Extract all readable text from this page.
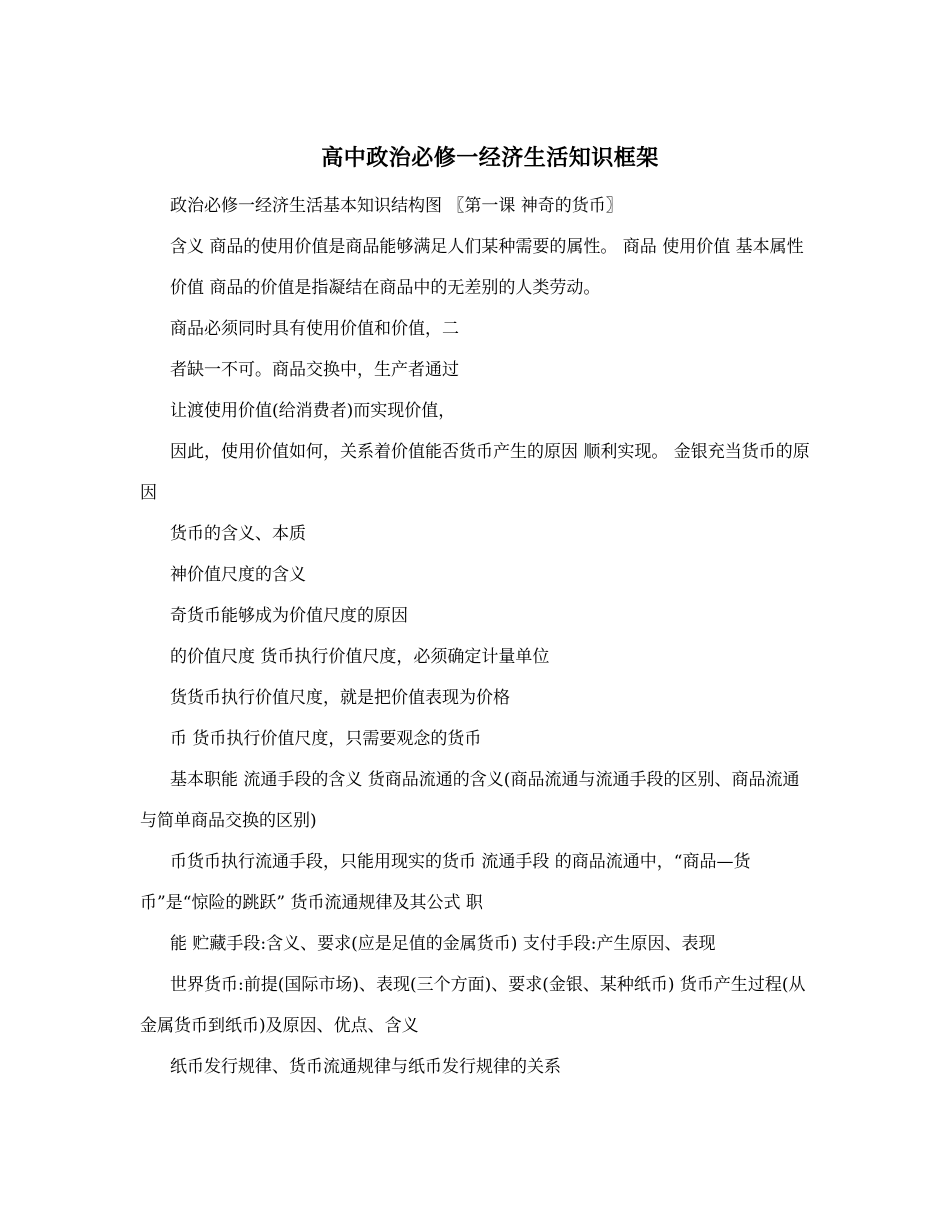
高中政治必修一经济生活知识框架

政治必修一经济生活基本知识结构图 〖第一课 神奇的货币〗

含义 商品的使用价值是商品能够满足人们某种需要的属性。 商品 使用价值 基本属性

价值 商品的价值是指凝结在商品中的无差别的人类劳动。

商品必须同时具有使用价值和价值，二

者缺一不可。商品交换中，生产者通过

让渡使用价值(给消费者)而实现价值，

因此，使用价值如何，关系着价值能否货币产生的原因 顺利实现。 金银充当货币的原因

货币的含义、本质

神价值尺度的含义

奇货币能够成为价值尺度的原因

的价值尺度 货币执行价值尺度，必须确定计量单位

货货币执行价值尺度，就是把价值表现为价格

币 货币执行价值尺度，只需要观念的货币

基本职能 流通手段的含义 货商品流通的含义(商品流通与流通手段的区别、商品流通与简单商品交换的区别)

币货币执行流通手段，只能用现实的货币 流通手段 的商品流通中，“商品—货币”是“惊险的跳跃” 货币流通规律及其公式 职

能 贮藏手段:含义、要求(应是足值的金属货币) 支付手段:产生原因、表现

世界货币:前提(国际市场)、表现(三个方面)、要求(金银、某种纸币) 货币产生过程(从金属货币到纸币)及原因、优点、含义

纸币发行规律、货币流通规律与纸币发行规律的关系
